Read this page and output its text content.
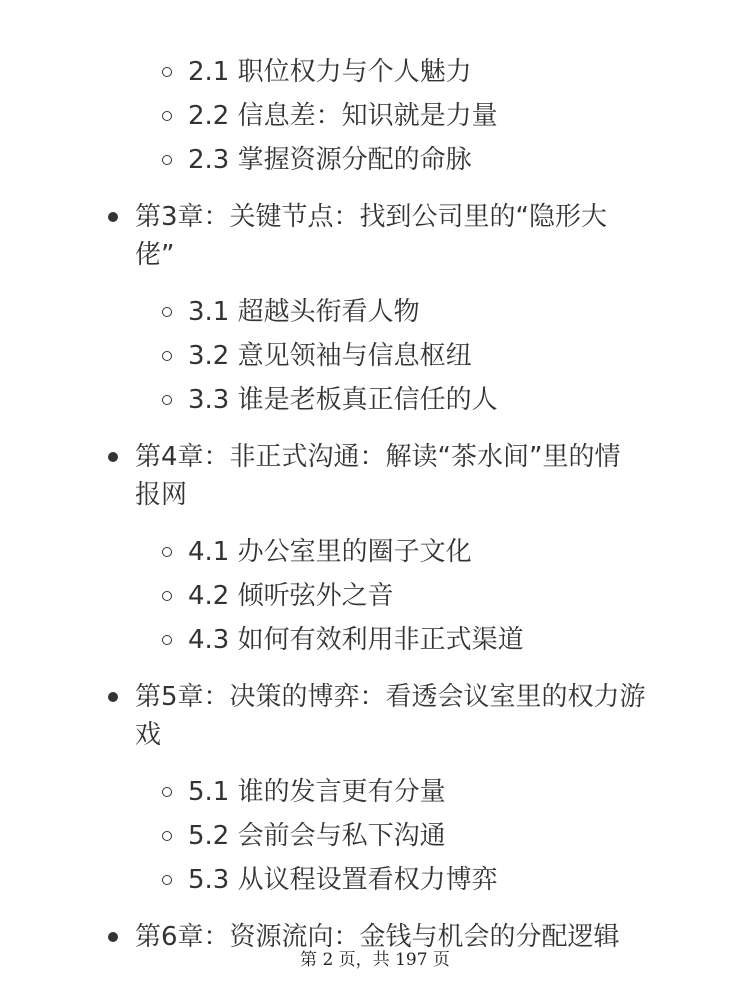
2.1 职位权力与个人魅力

2.2 信息差：知识就是力量

2.3 掌握资源分配的命脉

第3章：关键节点：找到公司里的“隐形大

佬”

3.1 超越头衔看人物

3.2 意见领袖与信息枢纽

3.3 谁是老板真正信任的人

第4章：非正式沟通：解读“茶水间”里的情

报网

4.1 办公室里的圈子文化

4.2 倾听弦外之音

4.3 如何有效利用非正式渠道

第5章：决策的博弈：看透会议室里的权力游

戏

5.1 谁的发言更有分量

5.2 会前会与私下沟通

5.3 从议程设置看权力博弈

第6章：资源流向：金钱与机会的分配逻辑

第 2 页，共 197 页
